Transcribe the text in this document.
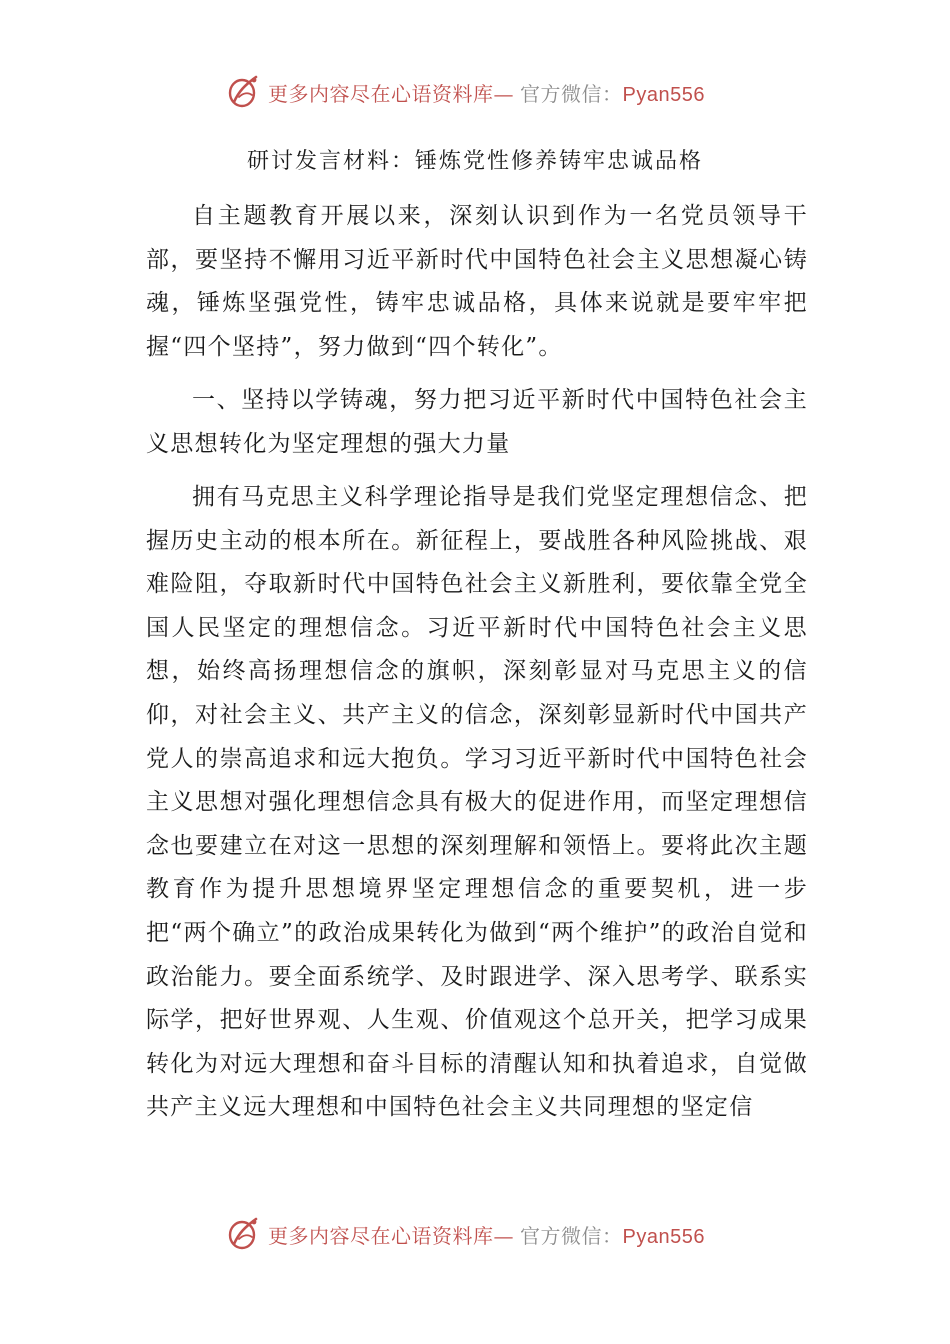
更多内容尽在心语资料库— 官方微信：Pyan556
研讨发言材料：锤炼党性修养铸牢忠诚品格

自主题教育开展以来，深刻认识到作为一名党员领导干部，要坚持不懈用习近平新时代中国特色社会主义思想凝心铸魂，锤炼坚强党性，铸牢忠诚品格，具体来说就是要牢牢把握“四个坚持”，努力做到“四个转化”。

一、坚持以学铸魂，努力把习近平新时代中国特色社会主义思想转化为坚定理想的强大力量

拥有马克思主义科学理论指导是我们党坚定理想信念、把握历史主动的根本所在。新征程上，要战胜各种风险挑战、艰难险阻，夺取新时代中国特色社会主义新胜利，要依靠全党全国人民坚定的理想信念。习近平新时代中国特色社会主义思想，始终高扬理想信念的旗帜，深刻彰显对马克思主义的信仰，对社会主义、共产主义的信念，深刻彰显新时代中国共产党人的崇高追求和远大抱负。学习习近平新时代中国特色社会主义思想对强化理想信念具有极大的促进作用，而坚定理想信念也要建立在对这一思想的深刻理解和领悟上。要将此次主题教育作为提升思想境界坚定理想信念的重要契机，进一步把“两个确立”的政治成果转化为做到“两个维护”的政治自觉和政治能力。要全面系统学、及时跟进学、深入思考学、联系实际学，把好世界观、人生观、价值观这个总开关，把学习成果转化为对远大理想和奋斗目标的清醒认知和执着追求，自觉做共产主义远大理想和中国特色社会主义共同理想的坚定信

更多内容尽在心语资料库— 官方微信：Pyan556
